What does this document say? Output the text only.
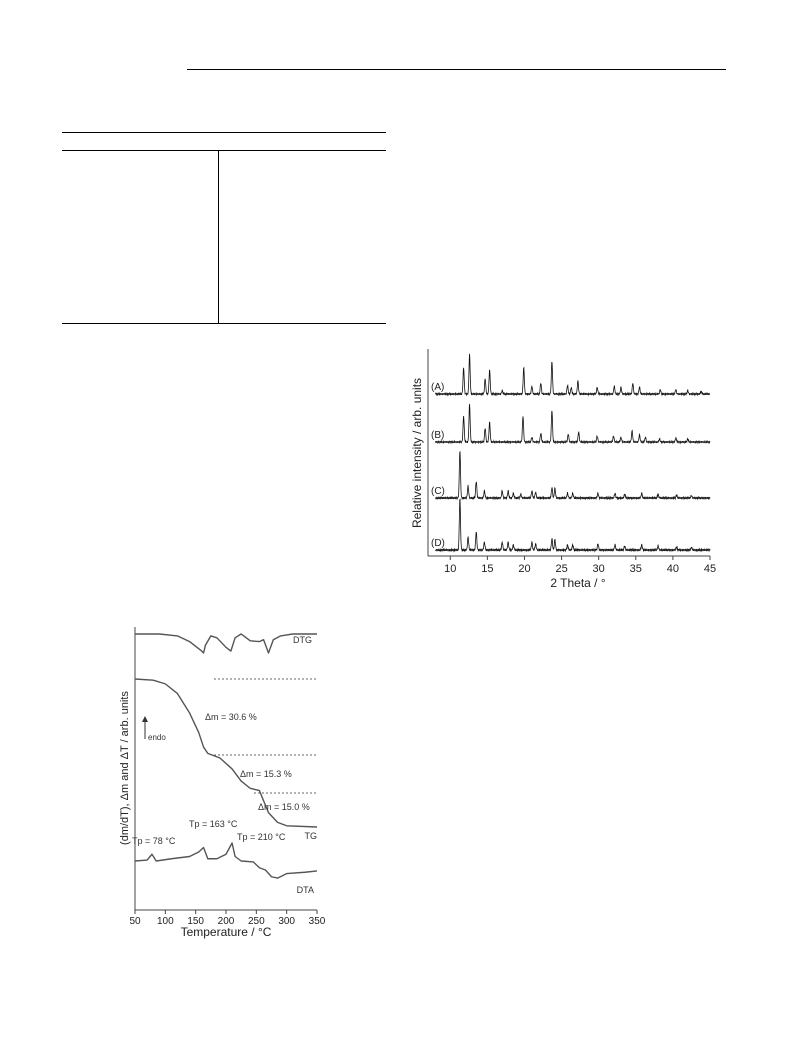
10 15 20 25 30 35 40 45
(A)
(B)
(C)
(D)
2 Theta / °
Relative intensity / arb. units
50 100 150 200 250 300 350
DTG
TG
DTA
Δm = 30.6 %
Δm = 15.3 %
Δm = 15.0 %
Tp = 78 °C
Tp = 163 °C
Tp = 210 °C
endo
Temperature / °C
(dm/dT), Δm and ΔT / arb. units
